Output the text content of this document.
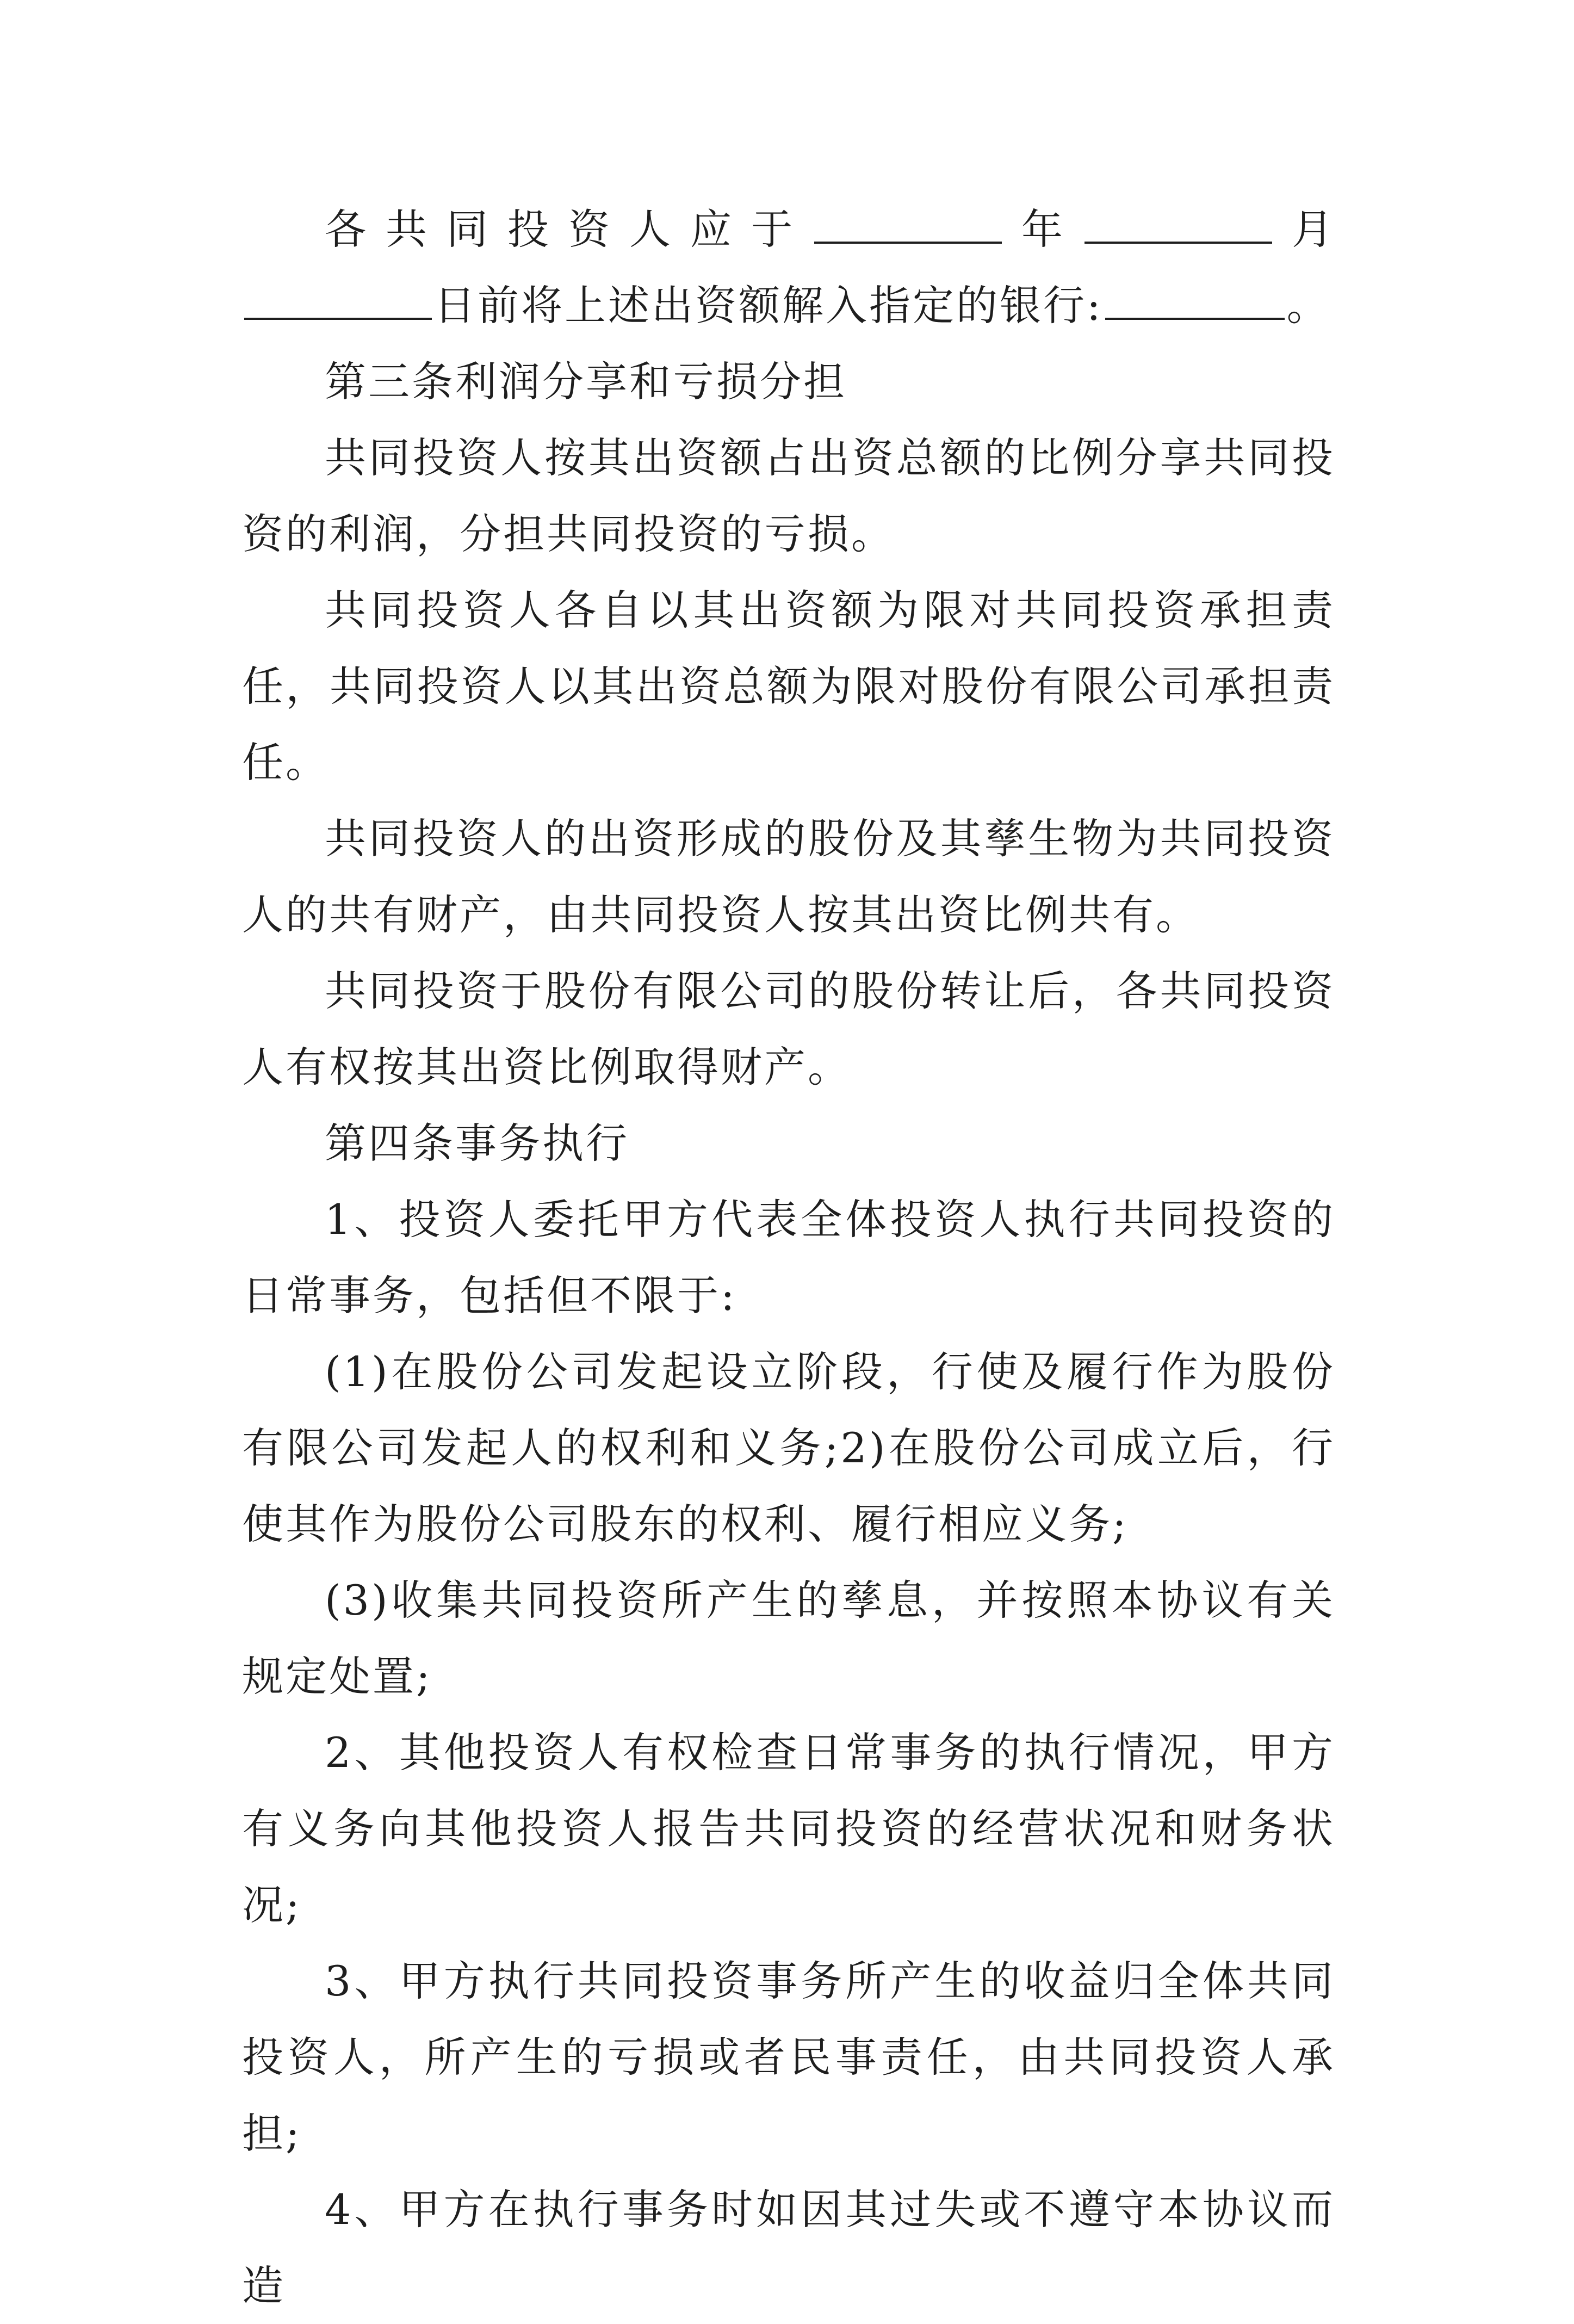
各共同投资人应于	年	月日前将上述出资额解入指定的银行:	。

第三条利润分享和亏损分担

共同投资人按其出资额占出资总额的比例分享共同投资的利润，分担共同投资的亏损。

共同投资人各自以其出资额为限对共同投资承担责任，共同投资人以其出资总额为限对股份有限公司承担责任。

共同投资人的出资形成的股份及其孳生物为共同投资人的共有财产，由共同投资人按其出资比例共有。

共同投资于股份有限公司的股份转让后，各共同投资人有权按其出资比例取得财产。

第四条事务执行

1、投资人委托甲方代表全体投资人执行共同投资的日常事务，包括但不限于:

(1)在股份公司发起设立阶段，行使及履行作为股份有限公司发起人的权利和义务;2)在股份公司成立后，行使其作为股份公司股东的权利、履行相应义务;

(3)收集共同投资所产生的孳息，并按照本协议有关规定处置;

2、其他投资人有权检查日常事务的执行情况，甲方有义务向其他投资人报告共同投资的经营状况和财务状况;

3、甲方执行共同投资事务所产生的收益归全体共同投资人，所产生的亏损或者民事责任，由共同投资人承担;

4、甲方在执行事务时如因其过失或不遵守本协议而造
